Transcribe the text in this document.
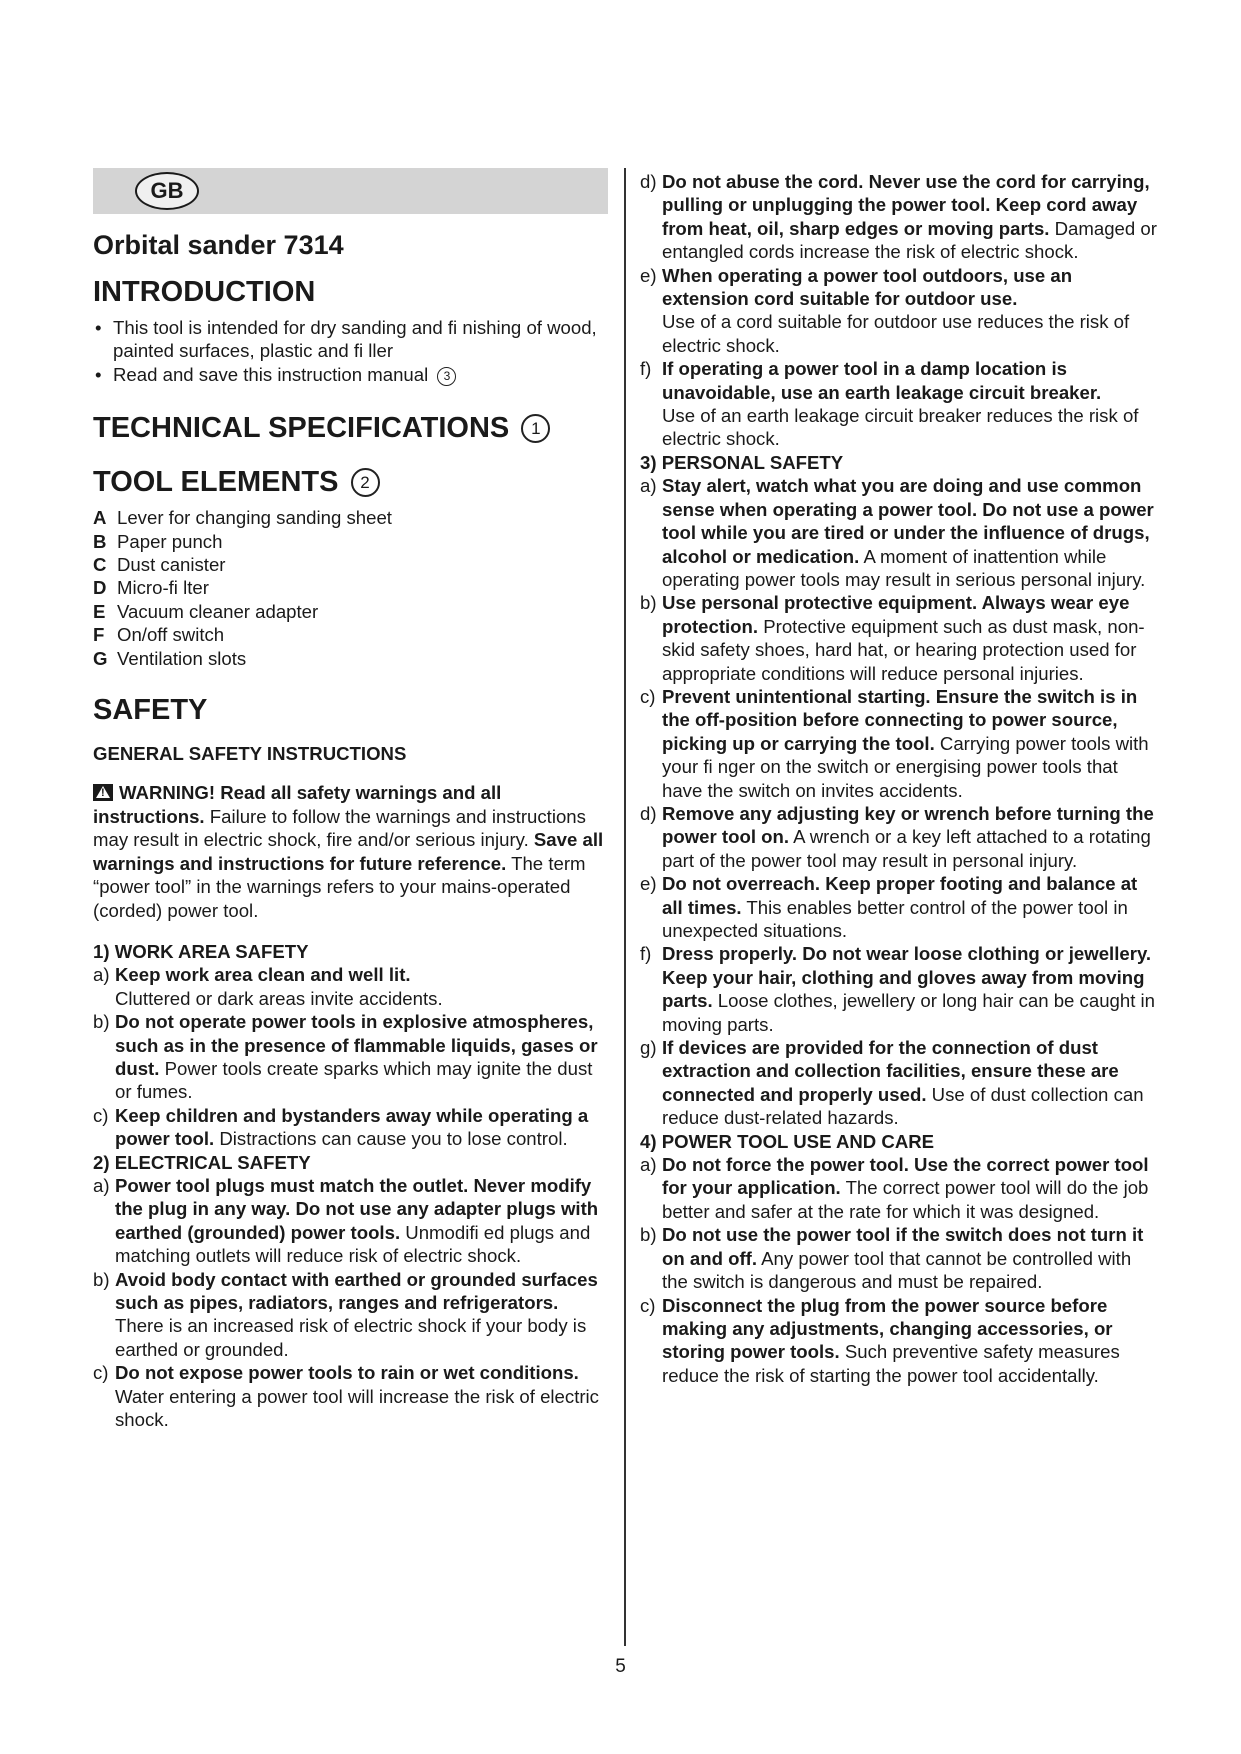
GB
Orbital sander 7314
INTRODUCTION
• This tool is intended for dry sanding and fi nishing of wood, painted surfaces, plastic and fi ller
• Read and save this instruction manual 3
TECHNICAL SPECIFICATIONS 1
TOOL ELEMENTS 2
A Lever for changing sanding sheet
B Paper punch
C Dust canister
D Micro-fi lter
E Vacuum cleaner adapter
F On/off switch
G Ventilation slots
SAFETY
GENERAL SAFETY INSTRUCTIONS
!WARNING! Read all safety warnings and all instructions. Failure to follow the warnings and instructions may result in electric shock, fire and/or serious injury. Save all warnings and instructions for future reference. The term “power tool” in the warnings refers to your mains-operated (corded) power tool.
1) WORK AREA SAFETY
a) Keep work area clean and well lit.
Cluttered or dark areas invite accidents.
b) Do not operate power tools in explosive atmospheres, such as in the presence of flammable liquids, gases or dust. Power tools create sparks which may ignite the dust or fumes.
c) Keep children and bystanders away while operating a power tool. Distractions can cause you to lose control.
2) ELECTRICAL SAFETY
a) Power tool plugs must match the outlet. Never modify the plug in any way. Do not use any adapter plugs with earthed (grounded) power tools. Unmodifi ed plugs and matching outlets will reduce risk of electric shock.
b) Avoid body contact with earthed or grounded surfaces such as pipes, radiators, ranges and refrigerators. There is an increased risk of electric shock if your body is earthed or grounded.
c) Do not expose power tools to rain or wet conditions.
Water entering a power tool will increase the risk of electric shock.
d) Do not abuse the cord. Never use the cord for carrying, pulling or unplugging the power tool. Keep cord away from heat, oil, sharp edges or moving parts. Damaged or entangled cords increase the risk of electric shock.
e) When operating a power tool outdoors, use an extension cord suitable for outdoor use.
Use of a cord suitable for outdoor use reduces the risk of electric shock.
f) If operating a power tool in a damp location is unavoidable, use an earth leakage circuit breaker.
Use of an earth leakage circuit breaker reduces the risk of electric shock.
3) PERSONAL SAFETY
a) Stay alert, watch what you are doing and use common sense when operating a power tool. Do not use a power tool while you are tired or under the influence of drugs, alcohol or medication. A moment of inattention while operating power tools may result in serious personal injury.
b) Use personal protective equipment. Always wear eye protection. Protective equipment such as dust mask, non-skid safety shoes, hard hat, or hearing protection used for appropriate conditions will reduce personal injuries.
c) Prevent unintentional starting. Ensure the switch is in the off-position before connecting to power source, picking up or carrying the tool. Carrying power tools with your fi nger on the switch or energising power tools that have the switch on invites accidents.
d) Remove any adjusting key or wrench before turning the power tool on. A wrench or a key left attached to a rotating part of the power tool may result in personal injury.
e) Do not overreach. Keep proper footing and balance at all times. This enables better control of the power tool in unexpected situations.
f) Dress properly. Do not wear loose clothing or jewellery. Keep your hair, clothing and gloves away from moving parts. Loose clothes, jewellery or long hair can be caught in moving parts.
g) If devices are provided for the connection of dust extraction and collection facilities, ensure these are connected and properly used. Use of dust collection can reduce dust-related hazards.
4) POWER TOOL USE AND CARE
a) Do not force the power tool. Use the correct power tool for your application. The correct power tool will do the job better and safer at the rate for which it was designed.
b) Do not use the power tool if the switch does not turn it on and off. Any power tool that cannot be controlled with the switch is dangerous and must be repaired.
c) Disconnect the plug from the power source before making any adjustments, changing accessories, or storing power tools. Such preventive safety measures reduce the risk of starting the power tool accidentally.
5
